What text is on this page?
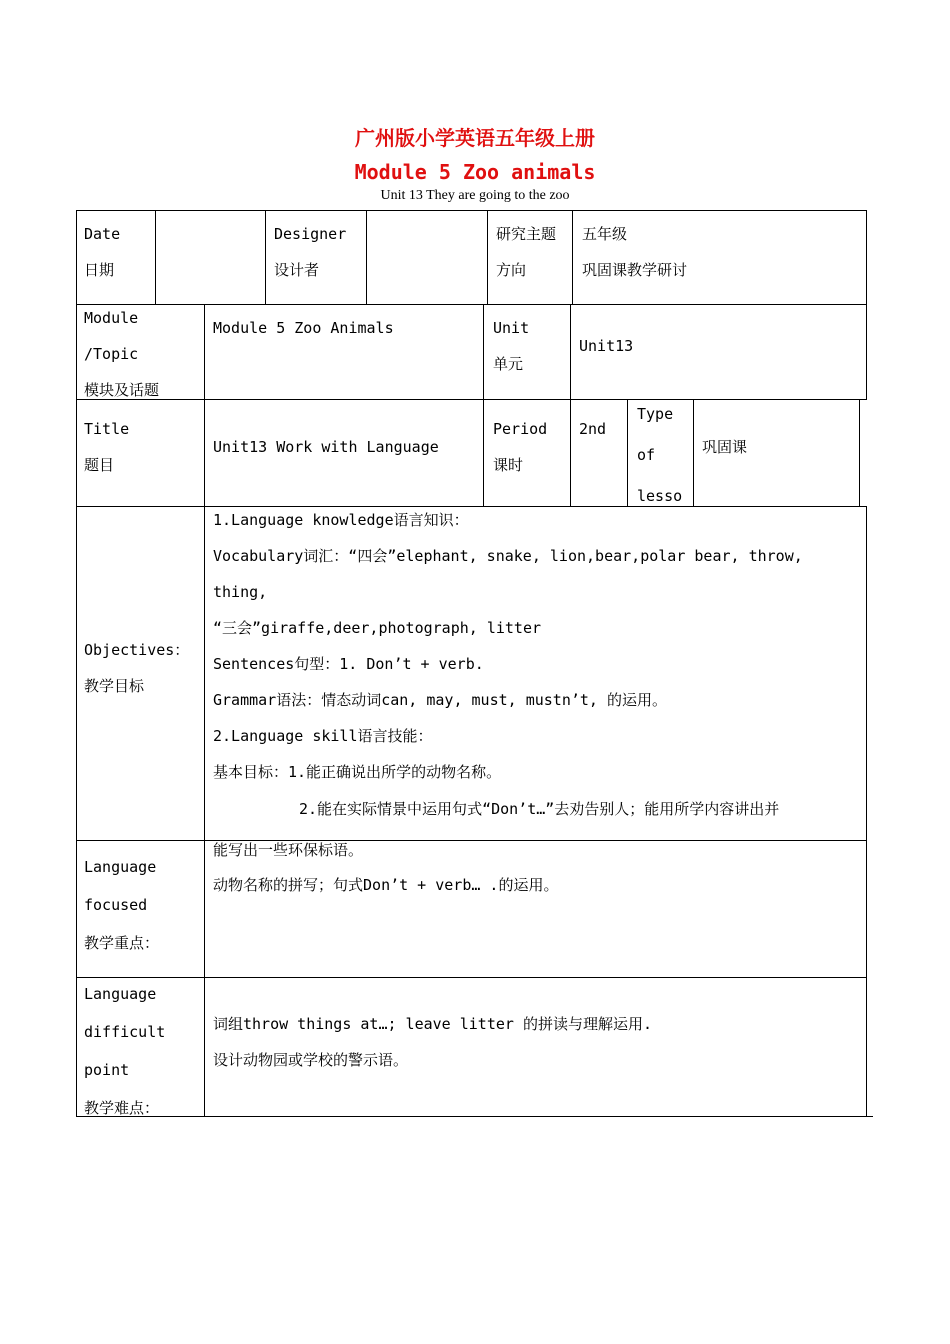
广州版小学英语五年级上册
Module 5 Zoo animals
Unit 13 They are going to the zoo
Date
日期
Designer
设计者
研究主题
方向
五年级
巩固课教学研讨
Module
/Topic
模块及话题
Module 5 Zoo Animals	Unit
单元
Unit13
Title
题目
Unit13 Work with Language
Period
课时
2nd
Type
of
lesso
巩固课
Objectives：
教学目标
1.Language knowledge语言知识：
Vocabulary词汇：“四会”elephant, snake, lion,bear,polar bear, throw, thing,
“三会”giraffe,deer,photograph, litter
Sentences句型：1. Don’t + verb.
Grammar语法：情态动词can, may, must, mustn’t, 的运用。
2.Language skill语言技能：
基本目标：1.能正确说出所学的动物名称。
2.能在实际情景中运用句式“Don’t…”去劝告别人；能用所学内容讲出并
能写出一些环保标语。
Language
focused
教学重点：
动物名称的拼写；句式Don’t + verb… .的运用。
Language
difficult
point
教学难点：
词组throw things at…; leave litter 的拼读与理解运用.
设计动物园或学校的警示语。
